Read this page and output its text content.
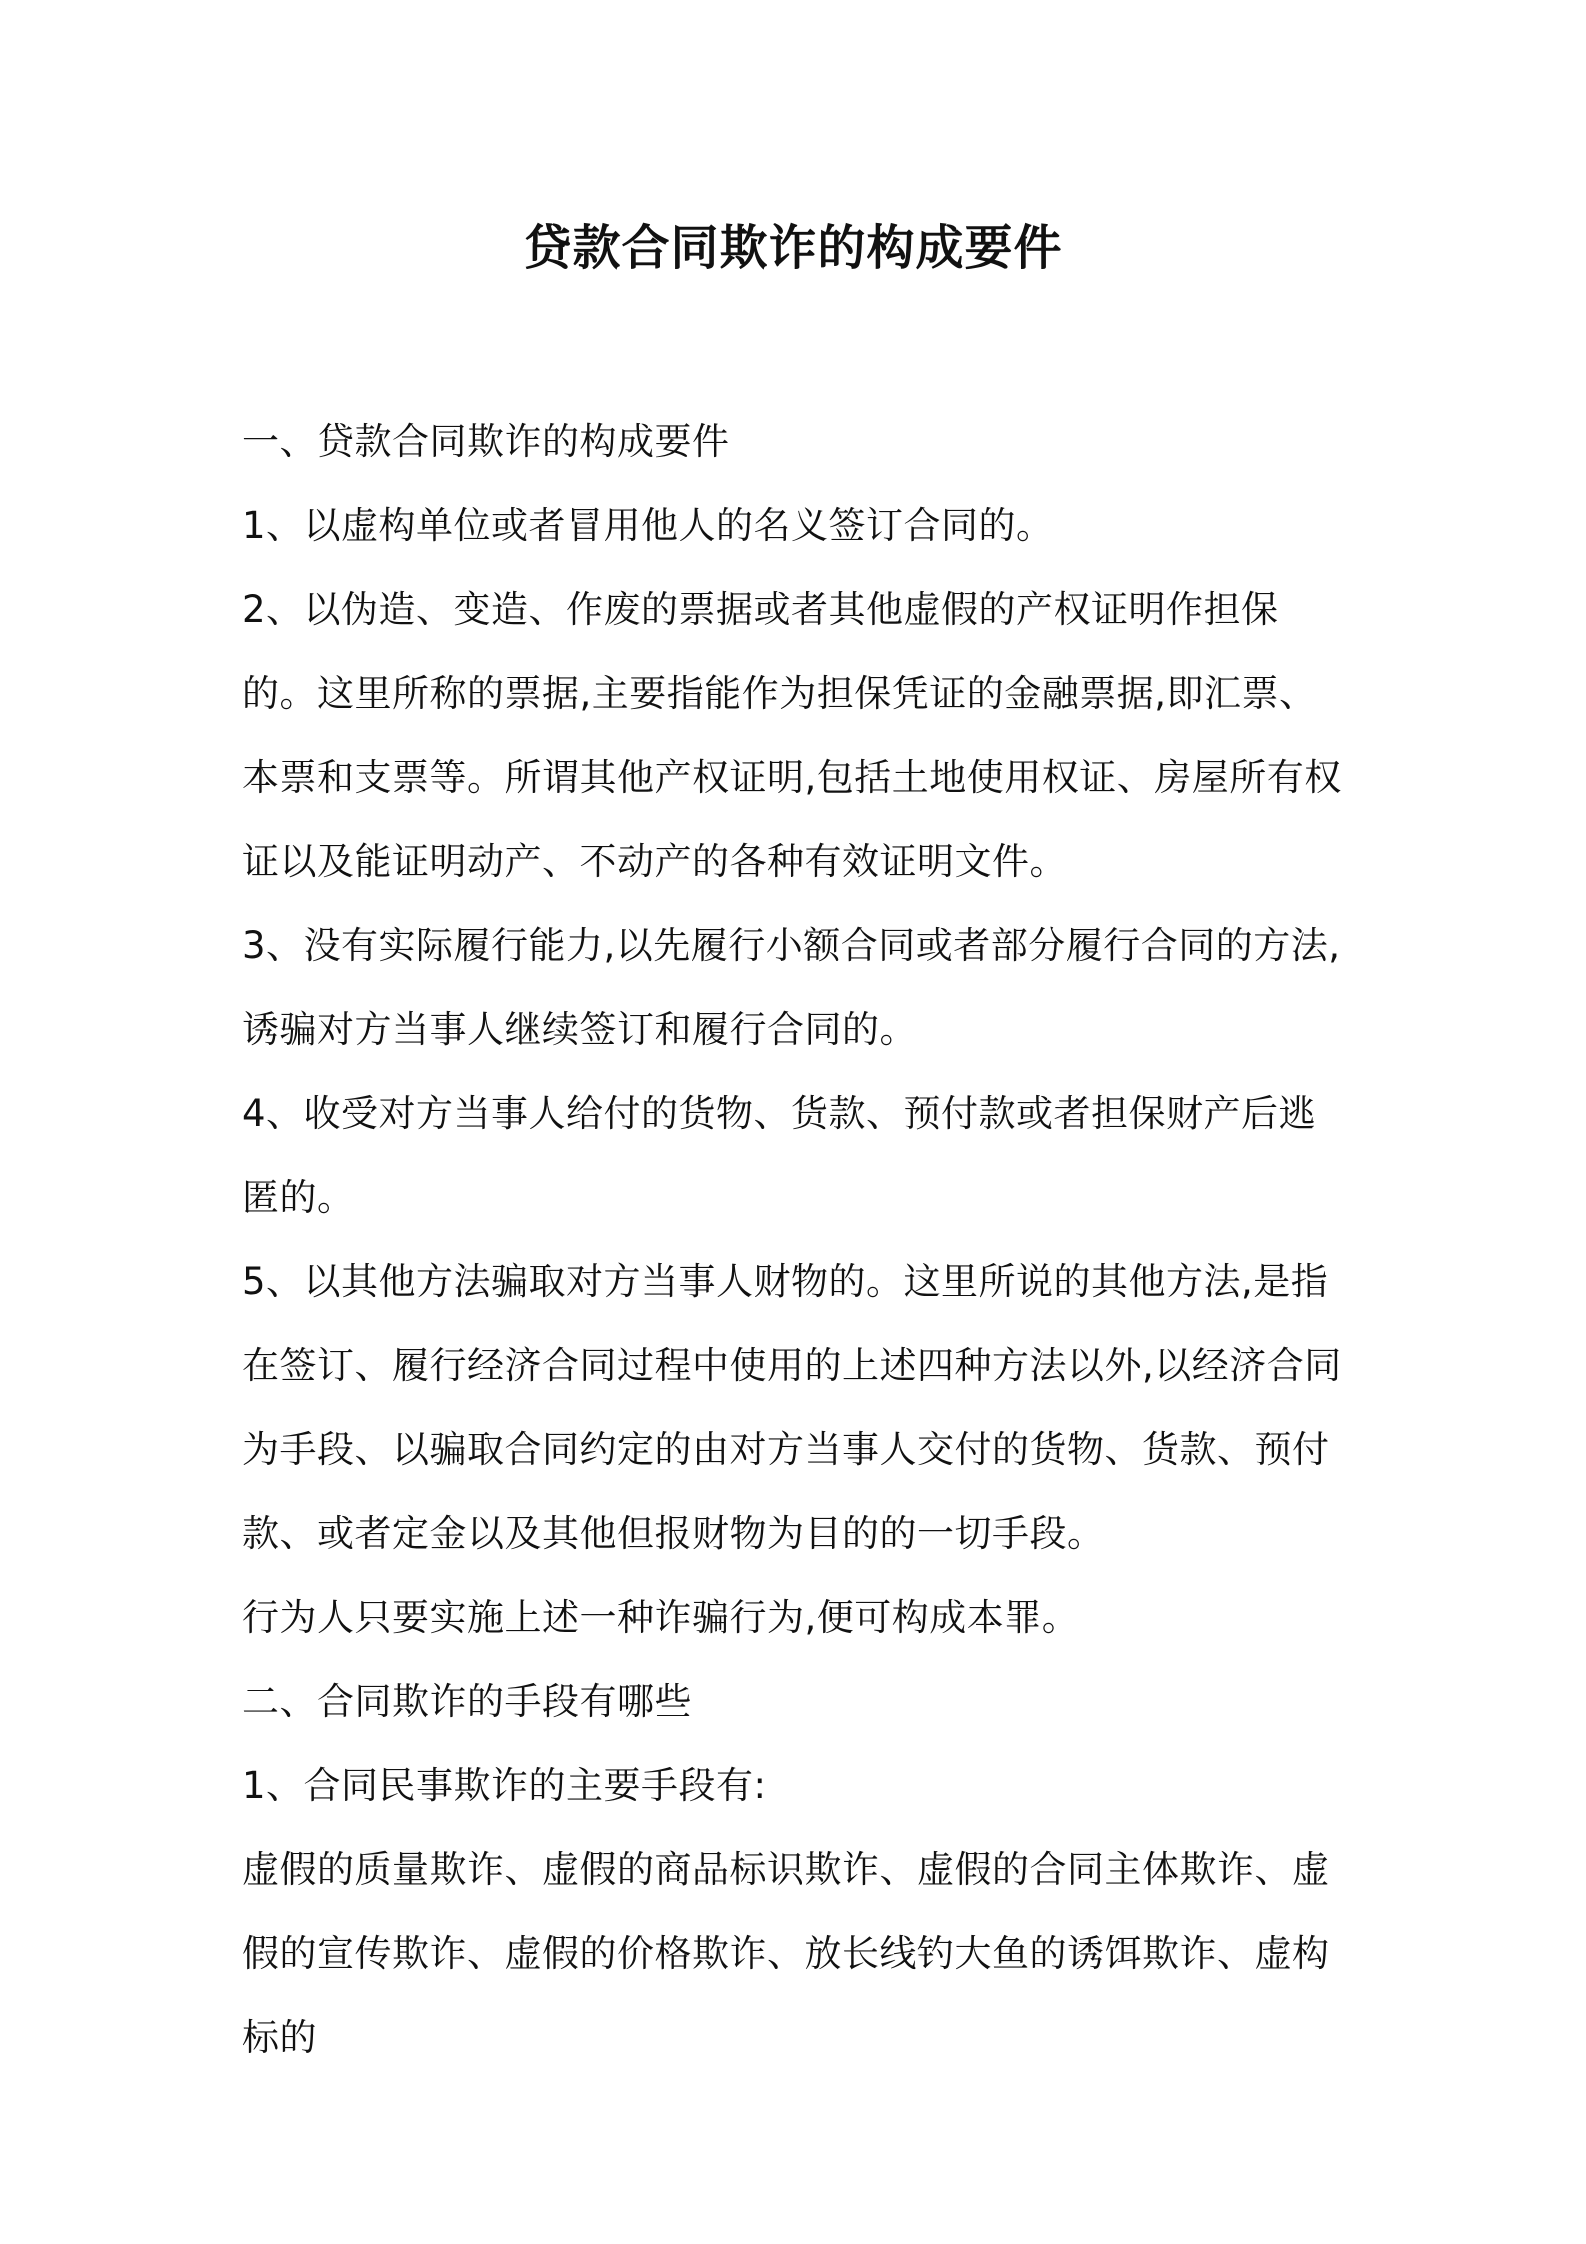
贷款合同欺诈的构成要件

一、贷款合同欺诈的构成要件

1、以虚构单位或者冒用他人的名义签订合同的。

2、以伪造、变造、作废的票据或者其他虚假的产权证明作担保的。这里所称的票据,主要指能作为担保凭证的金融票据,即汇票、本票和支票等。所谓其他产权证明,包括土地使用权证、房屋所有权证以及能证明动产、不动产的各种有效证明文件。

3、没有实际履行能力,以先履行小额合同或者部分履行合同的方法,诱骗对方当事人继续签订和履行合同的。

4、收受对方当事人给付的货物、货款、预付款或者担保财产后逃匿的。

5、以其他方法骗取对方当事人财物的。这里所说的其他方法,是指在签订、履行经济合同过程中使用的上述四种方法以外,以经济合同为手段、以骗取合同约定的由对方当事人交付的货物、货款、预付款、或者定金以及其他但报财物为目的的一切手段。

行为人只要实施上述一种诈骗行为,便可构成本罪。

二、合同欺诈的手段有哪些

1、合同民事欺诈的主要手段有:

虚假的质量欺诈、虚假的商品标识欺诈、虚假的合同主体欺诈、虚假的宣传欺诈、虚假的价格欺诈、放长线钓大鱼的诱饵欺诈、虚构标的
